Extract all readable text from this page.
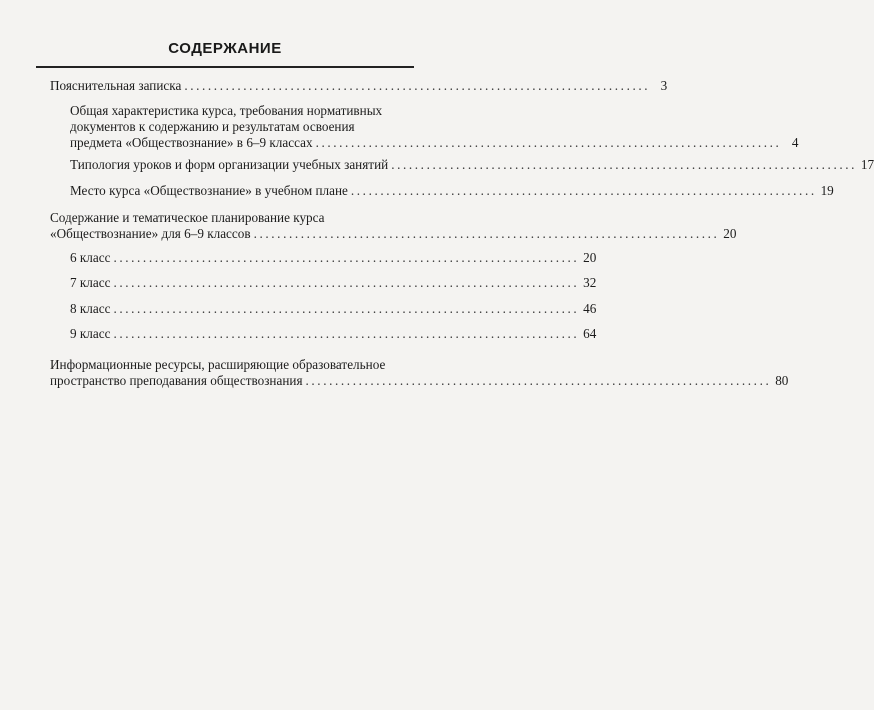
СОДЕРЖАНИЕ
Пояснительная записка ............................................................................... 3
Общая характеристика курса, требования нормативных
документов к содержанию и результатам освоения
предмета «Обществознание» в 6–9 классах ............................................................................... 4
Типология уроков и форм организации учебных занятий ............................................................................... 17
Место курса «Обществознание» в учебном плане ............................................................................... 19
Содержание и тематическое планирование курса
«Обществознание» для 6–9 классов ............................................................................... 20
6 класс ............................................................................... 20
7 класс ............................................................................... 32
8 класс ............................................................................... 46
9 класс ............................................................................... 64
Информационные ресурсы, расширяющие образовательное
пространство преподавания обществознания ............................................................................... 80
